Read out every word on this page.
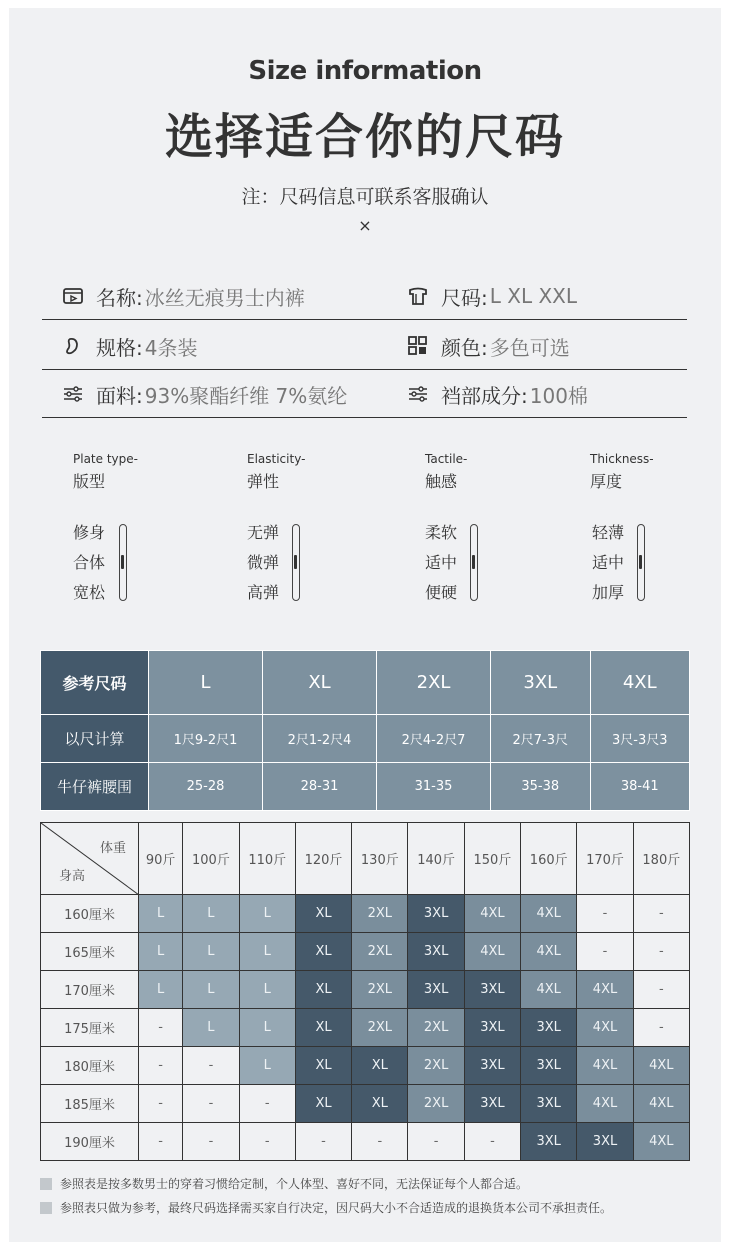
Size information
选择适合你的尺码
注：尺码信息可联系客服确认
×
名称: 冰丝无痕男士内裤	尺码: L XL XXL
规格: 4条装	颜色: 多色可选
面料: 93%聚酯纤维 7%氨纶	裆部成分: 100棉
Plate type-
版型
修身
合体
宽松
Elasticity-
弹性
无弹
微弹
高弹
Tactile-
触感
柔软
适中
便硬
Thickness-
厚度
轻薄
适中
加厚
参考尺码	L	XL	2XL	3XL	4XL
以尺计算	1尺9-2尺1	2尺1-2尺4	2尺4-2尺7	2尺7-3尺	3尺-3尺3
牛仔裤腰围	25-28	28-31	31-35	35-38	38-41
体重
身高	90斤	100斤	110斤	120斤	130斤	140斤	150斤	160斤	170斤	180斤
160厘米	L	L	L	XL	2XL	3XL	4XL	4XL	-	-
165厘米	L	L	L	XL	2XL	3XL	4XL	4XL	-	-
170厘米	L	L	L	XL	2XL	3XL	3XL	4XL	4XL	-
175厘米	-	L	L	XL	2XL	2XL	3XL	3XL	4XL	-
180厘米	-	-	L	XL	XL	2XL	3XL	3XL	4XL	4XL
185厘米	-	-	-	XL	XL	2XL	3XL	3XL	4XL	4XL
190厘米	-	-	-	-	-	-	-	3XL	3XL	4XL
参照表是按多数男士的穿着习惯给定制，个人体型、喜好不同，无法保证每个人都合适。
参照表只做为参考，最终尺码选择需买家自行决定，因尺码大小不合适造成的退换货本公司不承担责任。
